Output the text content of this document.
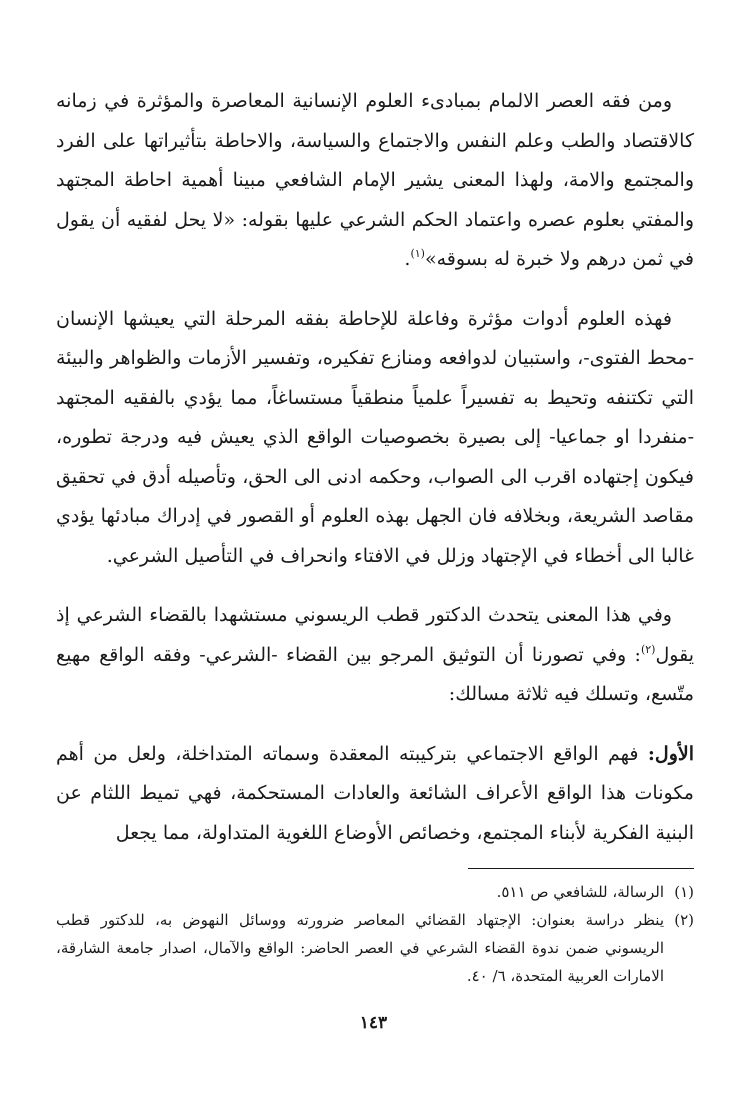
ومن فقه العصر الالمام بمبادىء العلوم الإنسانية المعاصرة والمؤثرة في زمانه كالاقتصاد والطب وعلم النفس والاجتماع والسياسة، والاحاطة بتأثيراتها على الفرد والمجتمع والامة، ولهذا المعنى يشير الإمام الشافعي مبينا أهمية احاطة المجتهد والمفتي بعلوم عصره واعتماد الحكم الشرعي عليها بقوله: «لا يحل لفقيه أن يقول في ثمن درهم ولا خبرة له بسوقه»$^{(١)}$.

فهذه العلوم أدوات مؤثرة وفاعلة للإحاطة بفقه المرحلة التي يعيشها الإنسان -محط الفتوى-، واستبيان لدوافعه ومنازع تفكيره، وتفسير الأزمات والظواهر والبيئة التي تكتنفه وتحيط به تفسيراً علمياً منطقياً مستساغاً، مما يؤدي بالفقيه المجتهد -منفردا او جماعيا- إلى بصيرة بخصوصيات الواقع الذي يعيش فيه ودرجة تطوره، فيكون إجتهاده اقرب الى الصواب، وحكمه ادنى الى الحق، وتأصيله أدق في تحقيق مقاصد الشريعة، وبخلافه فان الجهل بهذه العلوم أو القصور في إدراك مبادئها يؤدي غالبا الى أخطاء في الإجتهاد وزلل في الافتاء وانحراف في التأصيل الشرعي.

وفي هذا المعنى يتحدث الدكتور قطب الريسوني مستشهدا بالقضاء الشرعي إذ يقول$^{(٢)}$: وفي تصورنا أن التوثيق المرجو بين القضاء -الشرعي- وفقه الواقع مهيع متّسع، وتسلك فيه ثلاثة مسالك:

الأول: فهم الواقع الاجتماعي بتركيبته المعقدة وسماته المتداخلة، ولعل من أهم مكونات هذا الواقع الأعراف الشائعة والعادات المستحكمة، فهي تميط اللثام عن البنية الفكرية لأبناء المجتمع، وخصائص الأوضاع اللغوية المتداولة، مما يجعل

(١)
الرسالة، للشافعي ص ٥١١.
(٢)
ينظر دراسة بعنوان: الإجتهاد القضائي المعاصر ضرورته ووسائل النهوض به، للدكتور قطب الريسوني ضمن ندوة القضاء الشرعي في العصر الحاضر: الواقع والآمال، اصدار جامعة الشارقة، الامارات العربية المتحدة، ٦/ ٤٠.
١٤٣
